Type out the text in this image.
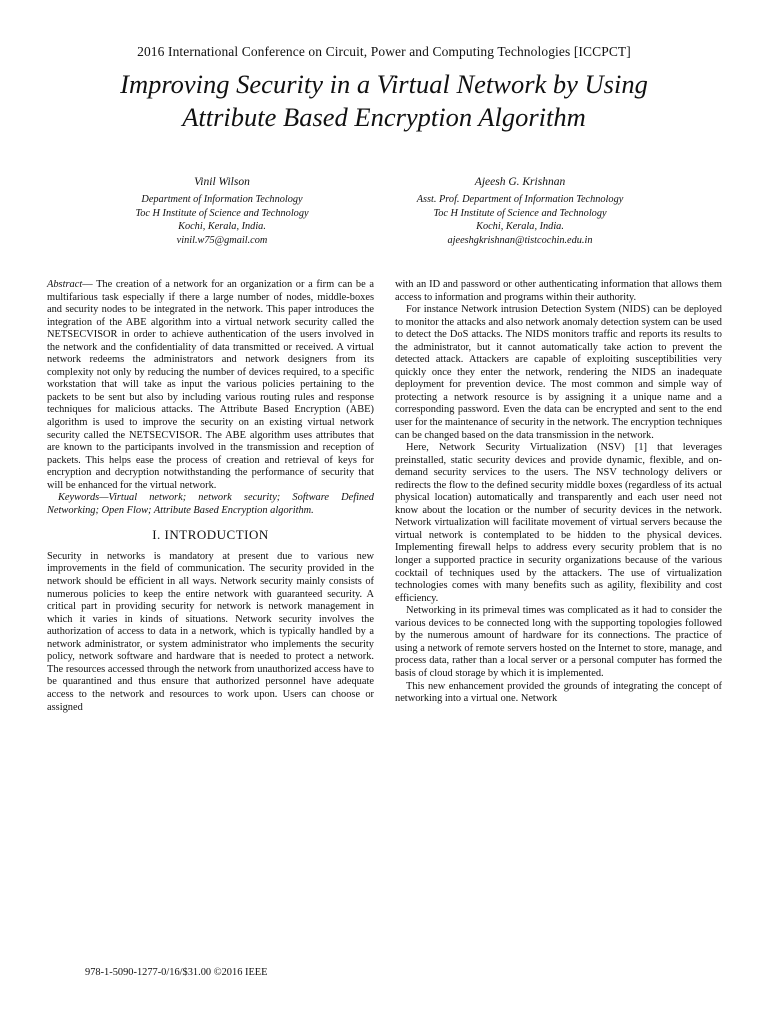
2016 International Conference on Circuit, Power and Computing Technologies [ICCPCT]
Improving Security in a Virtual Network by Using
Attribute Based Encryption Algorithm
Vinil Wilson
Department of Information Technology
Toc H Institute of Science and Technology
Kochi, Kerala, India.
vinil.w75@gmail.com
Ajeesh G. Krishnan
Asst. Prof. Department of Information Technology
Toc H Institute of Science and Technology
Kochi, Kerala, India.
ajeeshgkrishnan@tistcochin.edu.in

Abstract— The creation of a network for an organization or a firm can be a multifarious task especially if there a large number of nodes, middle-boxes and security nodes to be integrated in the network. This paper introduces the integration of the ABE algorithm into a virtual network security called the NETSECVISOR in order to achieve authentication of the users involved in the network and the confidentiality of data transmitted or received. A virtual network redeems the administrators and network designers from its complexity not only by reducing the number of devices required, to a specific workstation that will take as input the various policies pertaining to the packets to be sent but also by including various routing rules and response techniques for malicious attacks. The Attribute Based Encryption (ABE) algorithm is used to improve the security on an existing virtual network security called the NETSECVISOR. The ABE algorithm uses attributes that are known to the participants involved in the transmission and reception of packets. This helps ease the process of creation and retrieval of keys for encryption and decryption notwithstanding the performance of security that will be enhanced for the virtual network.

Keywords—Virtual network; network security; Software Defined Networking; Open Flow; Attribute Based Encryption algorithm.

I. INTRODUCTION

Security in networks is mandatory at present due to various new improvements in the field of communication. The security provided in the network should be efficient in all ways. Network security mainly consists of numerous policies to keep the entire network with guaranteed security. A critical part in providing security for network is network management in which it varies in kinds of situations. Network security involves the authorization of access to data in a network, which is typically handled by a network administrator, or system administrator who implements the security policy, network software and hardware that is needed to protect a network. The resources accessed through the network from unauthorized access have to be quarantined and thus ensure that authorized personnel have adequate access to the network and resources to work upon. Users can choose or assigned

with an ID and password or other authenticating information that allows them access to information and programs within their authority.

For instance Network intrusion Detection System (NIDS) can be deployed to monitor the attacks and also network anomaly detection system can be used to detect the DoS attacks. The NIDS monitors traffic and reports its results to the administrator, but it cannot automatically take action to prevent the detected attack. Attackers are capable of exploiting susceptibilities very quickly once they enter the network, rendering the NIDS an inadequate deployment for prevention device. The most common and simple way of protecting a network resource is by assigning it a unique name and a corresponding password. Even the data can be encrypted and sent to the end user for the maintenance of security in the network. The encryption techniques can be changed based on the data transmission in the network.

Here, Network Security Virtualization (NSV) [1] that leverages preinstalled, static security devices and provide dynamic, flexible, and on-demand security services to the users. The NSV technology delivers or redirects the flow to the defined security middle boxes (regardless of its actual physical location) automatically and transparently and each user need not know about the location or the number of security devices in the network. Network virtualization will facilitate movement of virtual servers because the virtual network is contemplated to be hidden to the physical devices. Implementing firewall helps to address every security problem that is no longer a supported practice in security organizations because of the various cocktail of techniques used by the attackers. The use of virtualization technologies comes with many benefits such as agility, flexibility and cost efficiency.

Networking in its primeval times was complicated as it had to consider the various devices to be connected long with the supporting topologies followed by the numerous amount of hardware for its connections. The practice of using a network of remote servers hosted on the Internet to store, manage, and process data, rather than a local server or a personal computer has formed the basis of cloud storage by which it is implemented.

This new enhancement provided the grounds of integrating the concept of networking into a virtual one. Network

978-1-5090-1277-0/16/$31.00 ©2016 IEEE
